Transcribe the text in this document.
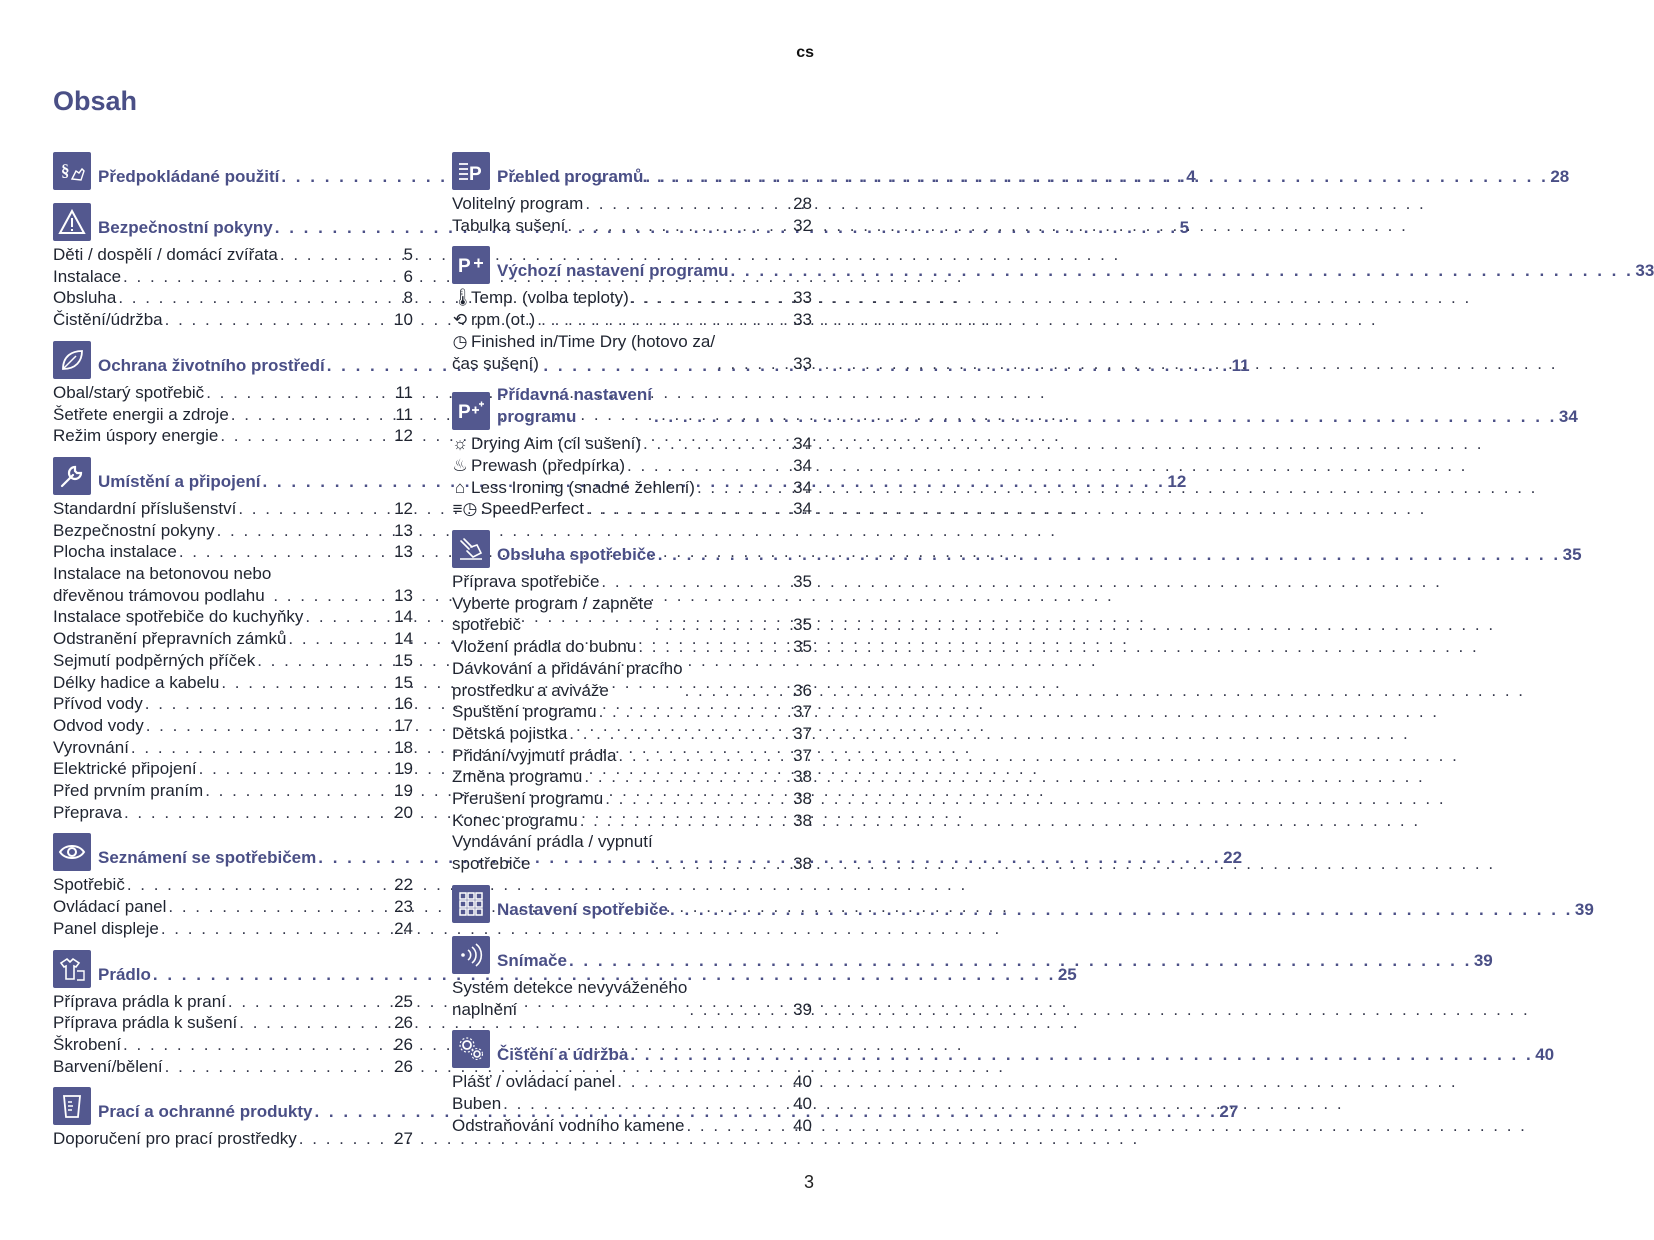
cs
Obsah
§ Předpokládané použití . . .	4
Bezpečnostní pokyny . . .	5
Děti / dospělí / domácí zvířata . . .	5
Instalace . . .	6
Obsluha . . .	8
Čistění/údržba . . .	10
Ochrana životního prostředí . . .	11
Obal/starý spotřebič . . .	11
Šetřete energii a zdroje . . .	11
Režim úspory energie . . .	12
Umístění a připojení . . .	12
Standardní příslušenství . . .	12
Bezpečnostní pokyny . . .	13
Plocha instalace . . .	13
Instalace na betonovou nebo
dřevěnou trámovou podlahu . . .	13
Instalace spotřebiče do kuchyňky . . .	14
Odstranění přepravních zámků . . .	14
Sejmutí podpěrných příček . . .	15
Délky hadice a kabelu . . .	15
Přívod vody . . .	16
Odvod vody . . .	17
Vyrovnání . . .	18
Elektrické připojení . . .	19
Před prvním praním . . .	19
Přeprava . . .	20
Seznámení se spotřebičem . . .	22
Spotřebič . . .	22
Ovládací panel . . .	23
Panel displeje . . .	24
Prádlo . . .	25
Příprava prádla k praní . . .	25
Příprava prádla k sušení . . .	26
Škrobení . . .	26
Barvení/bělení . . .	26
Prací a ochranné produkty . . .	27
Doporučení pro prací prostředky . . .	27
P Přehled programů . . .	28
Volitelný program . . .	28
Tabulka sušení . . .	32
P Výchozí nastavení programu . . .	33
🌡
Temp. (volba teploty) . . .	33
⟲ rpm (ot.) . . .	33
◷ Finished in/Time Dry (hotovo za/
čas sušení) . . .	33
P
Přídavná nastavení
programu . . .	34
☼ Drying Aim (cíl sušení) . . .	34
♨ Prewash (předpírka) . . .	34
⌂ Less Ironing (snadné žehlení) . . .	34
≡◷ SpeedPerfect . . .	34
Obsluha spotřebiče . . .	35
Příprava spotřebiče . . .	35
Vyberte program / zapněte
spotřebič . . .	35
Vložení prádla do bubnu . . .	35
Dávkování a přidávání pracího
prostředku a aviváže . . .	36
Spuštění programu . . .	37
Dětská pojistka . . .	37
Přidání/vyjmutí prádla . . .	37
Změna programu . . .	38
Přerušení programu . . .	38
Konec programu . . .	38
Vyndávání prádla / vypnutí
spotřebiče . . .	38
Nastavení spotřebiče . . .	39
Snímače . . .	39
Systém detekce nevyváženého
naplnění . . .	39
Čištění a údržba . . .	40
Plášť / ovládací panel . . .	40
Buben . . .	40
Odstraňování vodního kamene . . .	40
3
